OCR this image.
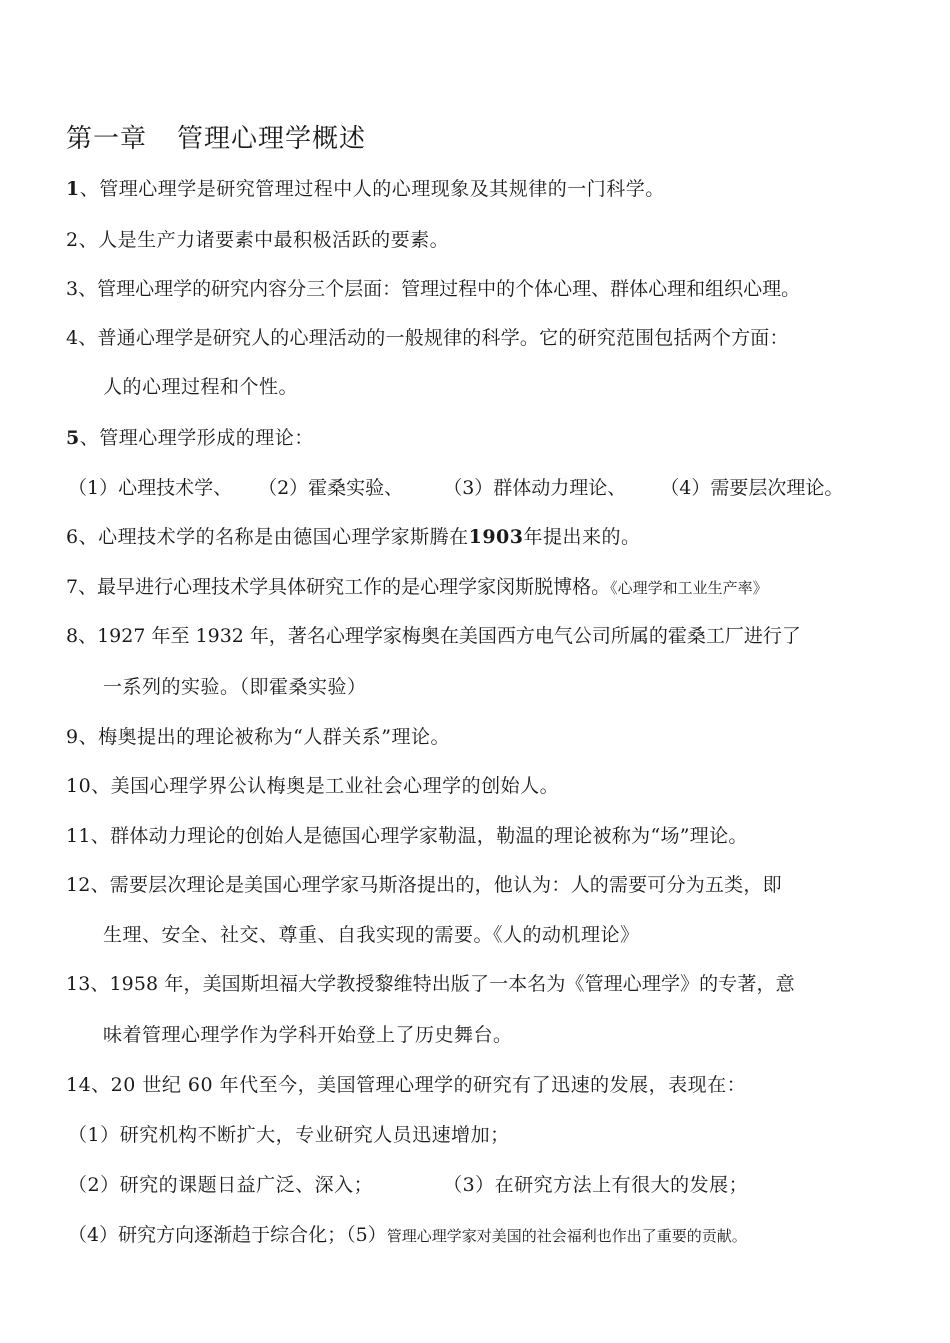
第一章 管理心理学概述
1、管理心理学是研究管理过程中人的心理现象及其规律的一门科学。
2、人是生产力诸要素中最积极活跃的要素。
3、管理心理学的研究内容分三个层面：管理过程中的个体心理、群体心理和组织心理。
4、普通心理学是研究人的心理活动的一般规律的科学。它的研究范围包括两个方面：
人的心理过程和个性。
5、管理心理学形成的理论：
（1）心理技术学、 （2）霍桑实验、 （3）群体动力理论、 （4）需要层次理论。
6、心理技术学的名称是由德国心理学家斯腾在1903年提出来的。
7、最早进行心理技术学具体研究工作的是心理学家闵斯脱博格。《心理学和工业生产率》
8、1927 年至 1932 年，著名心理学家梅奥在美国西方电气公司所属的霍桑工厂进行了
一系列的实验。（即霍桑实验）
9、梅奥提出的理论被称为“人群关系”理论。
10、美国心理学界公认梅奥是工业社会心理学的创始人。
11、群体动力理论的创始人是德国心理学家勒温，勒温的理论被称为“场”理论。
12、需要层次理论是美国心理学家马斯洛提出的，他认为：人的需要可分为五类，即
生理、安全、社交、尊重、自我实现的需要。《人的动机理论》
13、1958 年，美国斯坦福大学教授黎维特出版了一本名为《管理心理学》的专著，意
味着管理心理学作为学科开始登上了历史舞台。
14、20 世纪 60 年代至今，美国管理心理学的研究有了迅速的发展，表现在：
（1）研究机构不断扩大，专业研究人员迅速增加；
（2）研究的课题日益广泛、深入；	（3）在研究方法上有很大的发展；
（4）研究方向逐渐趋于综合化；（5）管理心理学家对美国的社会福利也作出了重要的贡献。
